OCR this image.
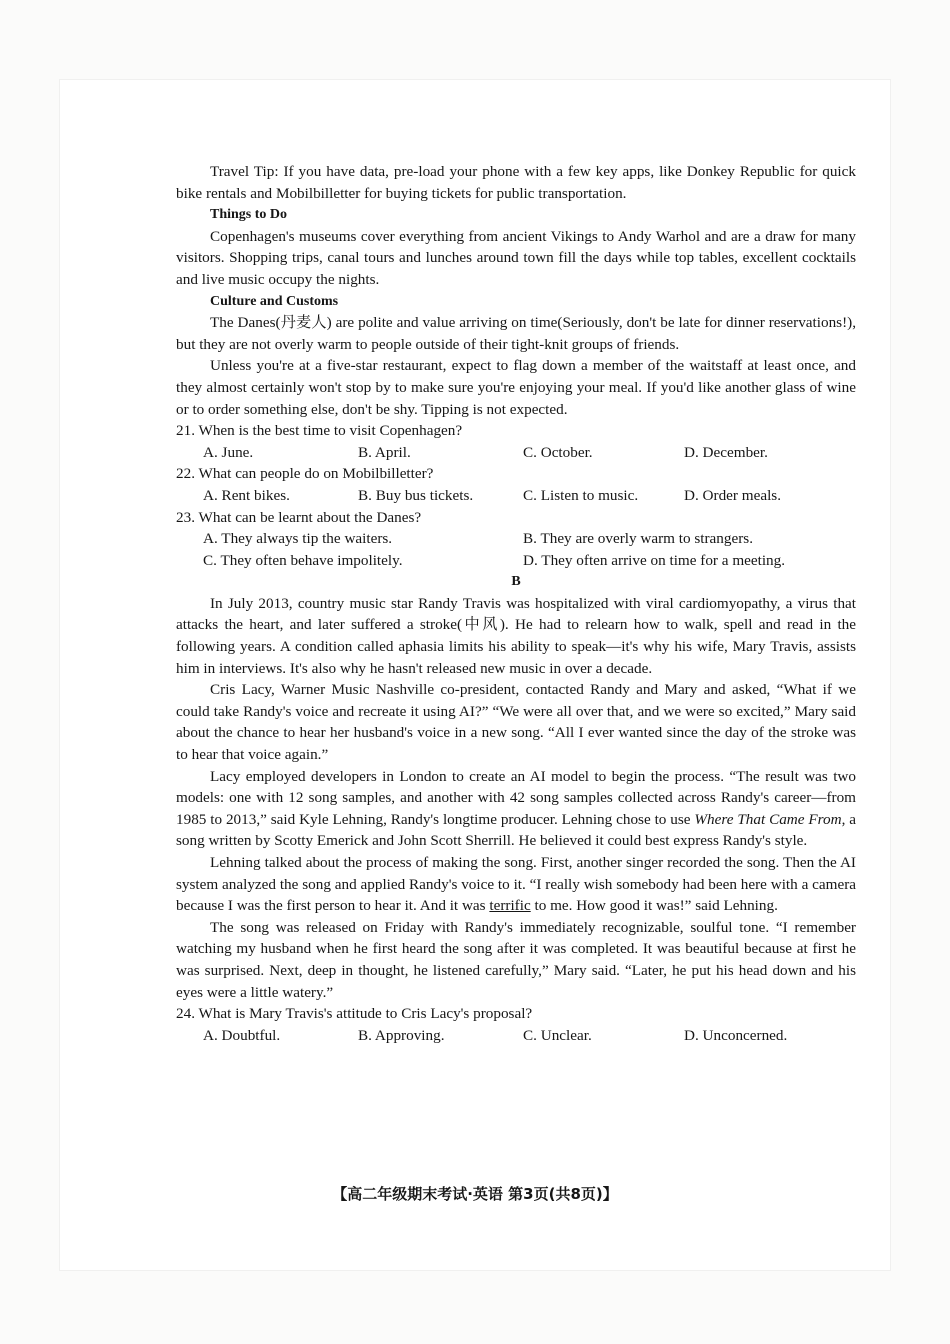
Travel Tip: If you have data, pre-load your phone with a few key apps, like Donkey Republic for quick bike rentals and Mobilbilletter for buying tickets for public transportation.

Things to Do

Copenhagen's museums cover everything from ancient Vikings to Andy Warhol and are a draw for many visitors. Shopping trips, canal tours and lunches around town fill the days while top tables, excellent cocktails and live music occupy the nights.

Culture and Customs

The Danes(丹麦人) are polite and value arriving on time(Seriously, don't be late for dinner reservations!), but they are not overly warm to people outside of their tight-knit groups of friends.

Unless you're at a five-star restaurant, expect to flag down a member of the waitstaff at least once, and they almost certainly won't stop by to make sure you're enjoying your meal. If you'd like another glass of wine or to order something else, don't be shy. Tipping is not expected.

21. When is the best time to visit Copenhagen?

A. June.	B. April.	C. October.	D. December.

22. What can people do on Mobilbilletter?

A. Rent bikes.	B. Buy bus tickets.	C. Listen to music.	D. Order meals.

23. What can be learnt about the Danes?

A. They always tip the waiters.	B. They are overly warm to strangers.
C. They often behave impolitely.	D. They often arrive on time for a meeting.

B

In July 2013, country music star Randy Travis was hospitalized with viral cardiomyopathy, a virus that attacks the heart, and later suffered a stroke(中风). He had to relearn how to walk, spell and read in the following years. A condition called aphasia limits his ability to speak—it's why his wife, Mary Travis, assists him in interviews. It's also why he hasn't released new music in over a decade.

Cris Lacy, Warner Music Nashville co-president, contacted Randy and Mary and asked, “What if we could take Randy's voice and recreate it using AI?” “We were all over that, and we were so excited,” Mary said about the chance to hear her husband's voice in a new song. “All I ever wanted since the day of the stroke was to hear that voice again.”

Lacy employed developers in London to create an AI model to begin the process. “The result was two models: one with 12 song samples, and another with 42 song samples collected across Randy's career—from 1985 to 2013,” said Kyle Lehning, Randy's longtime producer. Lehning chose to use Where That Came From, a song written by Scotty Emerick and John Scott Sherrill. He believed it could best express Randy's style.

Lehning talked about the process of making the song. First, another singer recorded the song. Then the AI system analyzed the song and applied Randy's voice to it. “I really wish somebody had been here with a camera because I was the first person to hear it. And it was terrific to me. How good it was!” said Lehning.

The song was released on Friday with Randy's immediately recognizable, soulful tone. “I remember watching my husband when he first heard the song after it was completed. It was beautiful because at first he was surprised. Next, deep in thought, he listened carefully,” Mary said. “Later, he put his head down and his eyes were a little watery.”

24. What is Mary Travis's attitude to Cris Lacy's proposal?

A. Doubtful.	B. Approving.	C. Unclear.	D. Unconcerned.
【高二年级期末考试·英语 第3页(共8页)】
